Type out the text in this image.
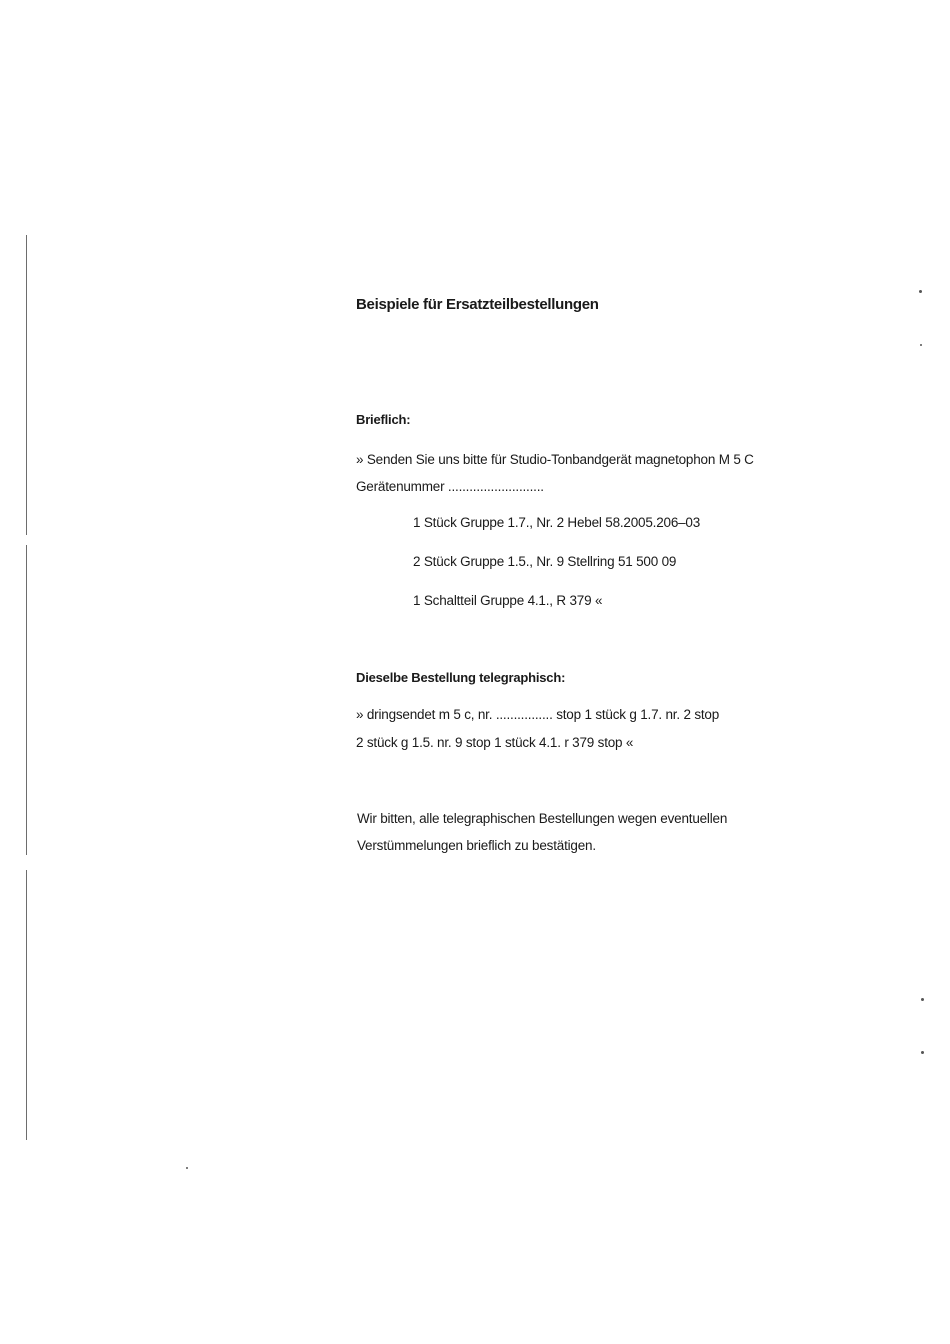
Beispiele für Ersatzteilbestellungen
Brieflich:
» Senden Sie uns bitte für Studio-Tonbandgerät magnetophon M 5 C
Gerätenummer ...........................
1 Stück Gruppe 1.7., Nr. 2 Hebel 58.2005.206–03
2 Stück Gruppe 1.5., Nr. 9 Stellring 51 500 09
1 Schaltteil Gruppe 4.1., R 379 «
Dieselbe Bestellung telegraphisch:
» dringsendet m 5 c, nr. ................ stop 1 stück g 1.7. nr. 2 stop
2 stück g 1.5. nr. 9 stop 1 stück 4.1. r 379 stop «
Wir bitten, alle telegraphischen Bestellungen wegen eventuellen Verstümmelungen brieflich zu bestätigen.
